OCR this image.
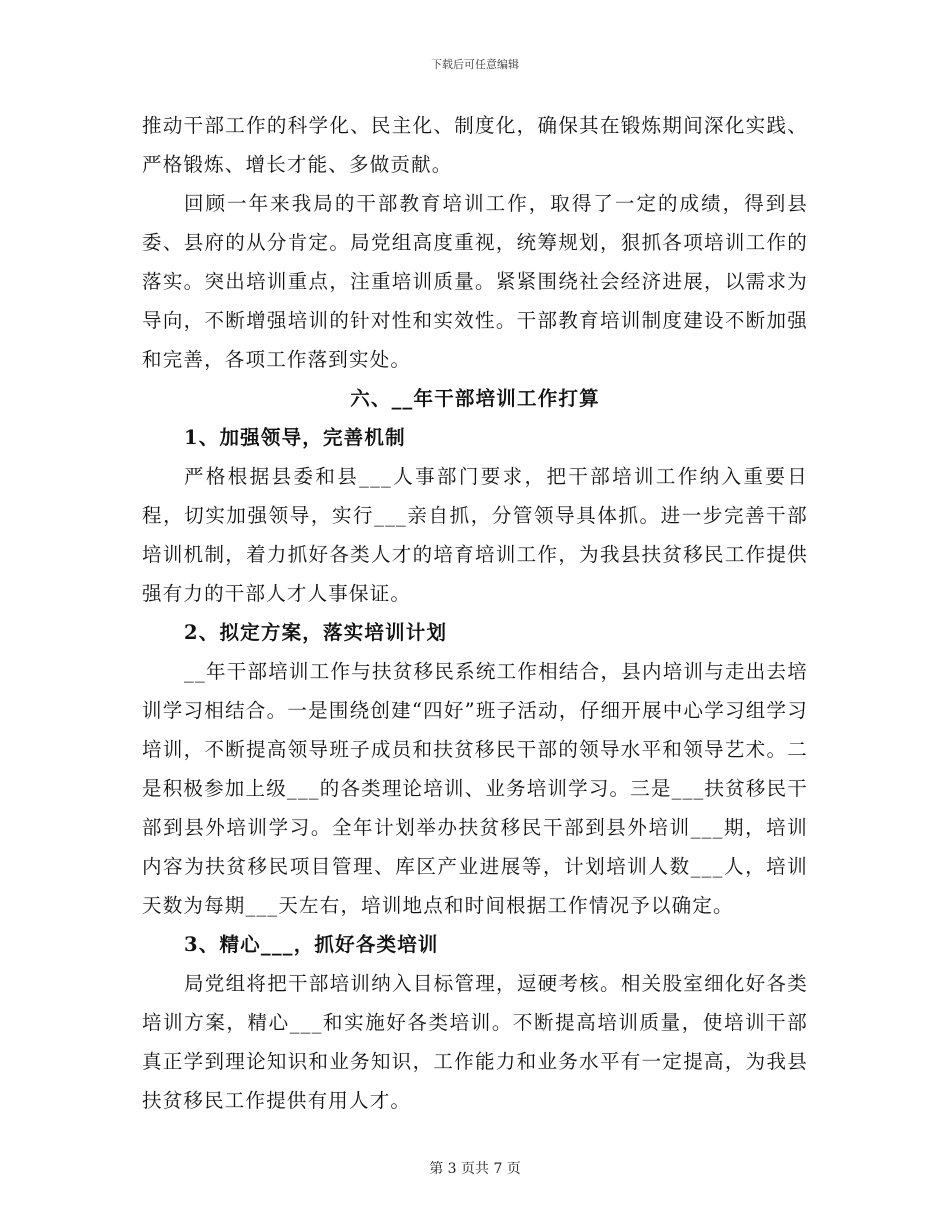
下载后可任意编辑

推动干部工作的科学化、民主化、制度化，确保其在锻炼期间深化实践、严格锻炼、增长才能、多做贡献。

回顾一年来我局的干部教育培训工作，取得了一定的成绩，得到县委、县府的从分肯定。局党组高度重视，统筹规划，狠抓各项培训工作的落实。突出培训重点，注重培训质量。紧紧围绕社会经济进展，以需求为导向，不断增强培训的针对性和实效性。干部教育培训制度建设不断加强和完善，各项工作落到实处。

六、__年干部培训工作打算

1、加强领导，完善机制

严格根据县委和县___人事部门要求，把干部培训工作纳入重要日程，切实加强领导，实行___亲自抓，分管领导具体抓。进一步完善干部培训机制，着力抓好各类人才的培育培训工作，为我县扶贫移民工作提供强有力的干部人才人事保证。

2、拟定方案，落实培训计划

__年干部培训工作与扶贫移民系统工作相结合，县内培训与走出去培训学习相结合。一是围绕创建“四好”班子活动，仔细开展中心学习组学习培训，不断提高领导班子成员和扶贫移民干部的领导水平和领导艺术。二是积极参加上级___的各类理论培训、业务培训学习。三是___扶贫移民干部到县外培训学习。全年计划举办扶贫移民干部到县外培训___期，培训内容为扶贫移民项目管理、库区产业进展等，计划培训人数___人，培训天数为每期___天左右，培训地点和时间根据工作情况予以确定。

3、精心___，抓好各类培训

局党组将把干部培训纳入目标管理，逗硬考核。相关股室细化好各类培训方案，精心___和实施好各类培训。不断提高培训质量，使培训干部真正学到理论知识和业务知识，工作能力和业务水平有一定提高，为我县扶贫移民工作提供有用人才。

第 3 页共 7 页
